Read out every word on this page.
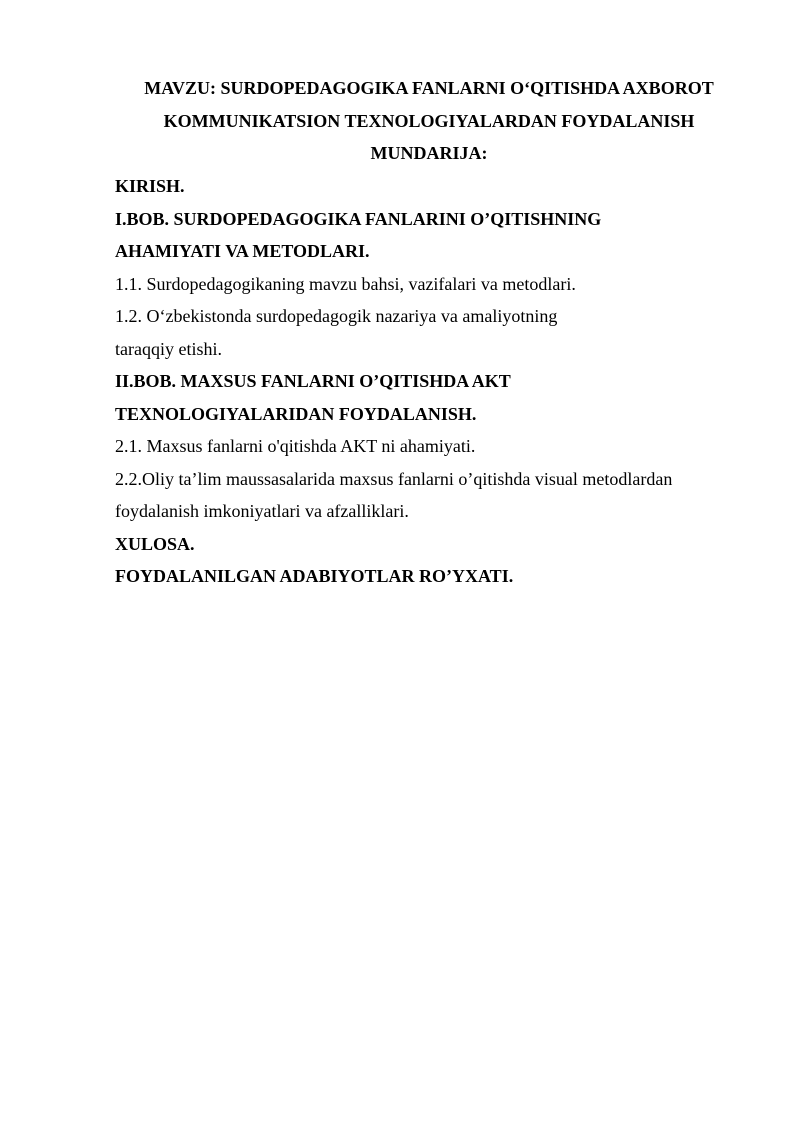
MAVZU: SURDOPEDAGOGIKA FANLARNI O‘QITISHDA AXBOROT
KOMMUNIKATSION TEXNOLOGIYALARDAN FOYDALANISH
MUNDARIJA:
KIRISH.
I.BOB. SURDOPEDAGOGIKA FANLARINI O’QITISHNING
AHAMIYATI VA METODLARI.
1.1. Surdopedagogikaning mavzu bahsi, vazifalari va metodlari.
1.2. O‘zbekistonda surdopedagogik nazariya va amaliyotning
taraqqiy etishi.
II.BOB. MAXSUS FANLARNI O’QITISHDA AKT
TEXNOLOGIYALARIDAN FOYDALANISH.
2.1. Maxsus fanlarni o'qitishda AKT ni ahamiyati.
2.2.Oliy ta’lim maussasalarida maxsus fanlarni o’qitishda visual metodlardan
foydalanish imkoniyatlari va afzalliklari.
XULOSA.
FOYDALANILGAN ADABIYOTLAR RO’YXATI.
